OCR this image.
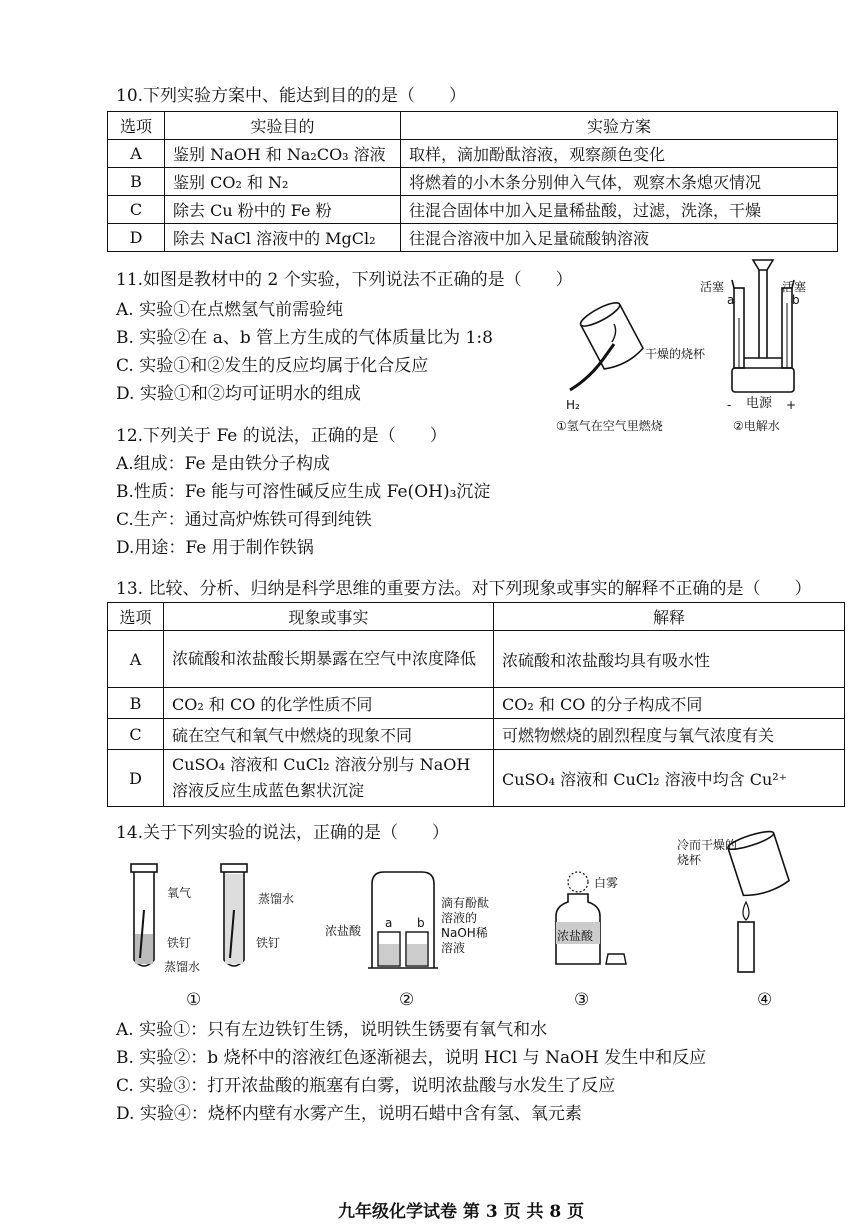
10.下列实验方案中、能达到目的的是（　　）
选项	实验目的	实验方案
A	鉴别 NaOH 和 Na₂CO₃ 溶液	取样，滴加酚酞溶液，观察颜色变化
B	鉴别 CO₂ 和 N₂	将燃着的小木条分别伸入气体，观察木条熄灭情况
C	除去 Cu 粉中的 Fe 粉	往混合固体中加入足量稀盐酸，过滤，洗涤，干燥
D	除去 NaCl 溶液中的 MgCl₂	往混合溶液中加入足量硫酸钠溶液
11.如图是教材中的 2 个实验，下列说法不正确的是（　　）
A. 实验①在点燃氢气前需验纯
B. 实验②在 a、b 管上方生成的气体质量比为 1:8
C. 实验①和②发生的反应均属于化合反应
D. 实验①和②均可证明水的组成
干燥的烧杯
H₂
①氢气在空气里燃烧
活塞	活塞
a	b
电源
-	+
②电解水
12.下列关于 Fe 的说法，正确的是（　　）
A.组成：Fe 是由铁分子构成
B.性质：Fe 能与可溶性碱反应生成 Fe(OH)₃沉淀
C.生产：通过高炉炼铁可得到纯铁
D.用途：Fe 用于制作铁锅
13. 比较、分析、归纳是科学思维的重要方法。对下列现象或事实的解释不正确的是（　　）
选项	现象或事实	解释
A	浓硫酸和浓盐酸长期暴露在空气中浓度降低	浓硫酸和浓盐酸均具有吸水性
B	CO₂ 和 CO 的化学性质不同	CO₂ 和 CO 的分子构成不同
C	硫在空气和氧气中燃烧的现象不同	可燃物燃烧的剧烈程度与氧气浓度有关
D	CuSO₄ 溶液和 CuCl₂ 溶液分别与 NaOH 溶液反应生成蓝色絮状沉淀	CuSO₄ 溶液和 CuCl₂ 溶液中均含 Cu²⁺
14.关于下列实验的说法，正确的是（　　）
氧气
铁钉
蒸馏水
蒸馏水
铁钉
浓盐酸
a b
滴有酚酞溶液的NaOH稀溶液
白雾
浓盐酸
冷而干燥的烧杯
①	②	③	④
A. 实验①：只有左边铁钉生锈，说明铁生锈要有氧气和水
B. 实验②：b 烧杯中的溶液红色逐渐褪去，说明 HCl 与 NaOH 发生中和反应
C. 实验③：打开浓盐酸的瓶塞有白雾，说明浓盐酸与水发生了反应
D. 实验④：烧杯内壁有水雾产生，说明石蜡中含有氢、氧元素
九年级化学试卷 第 3 页 共 8 页
